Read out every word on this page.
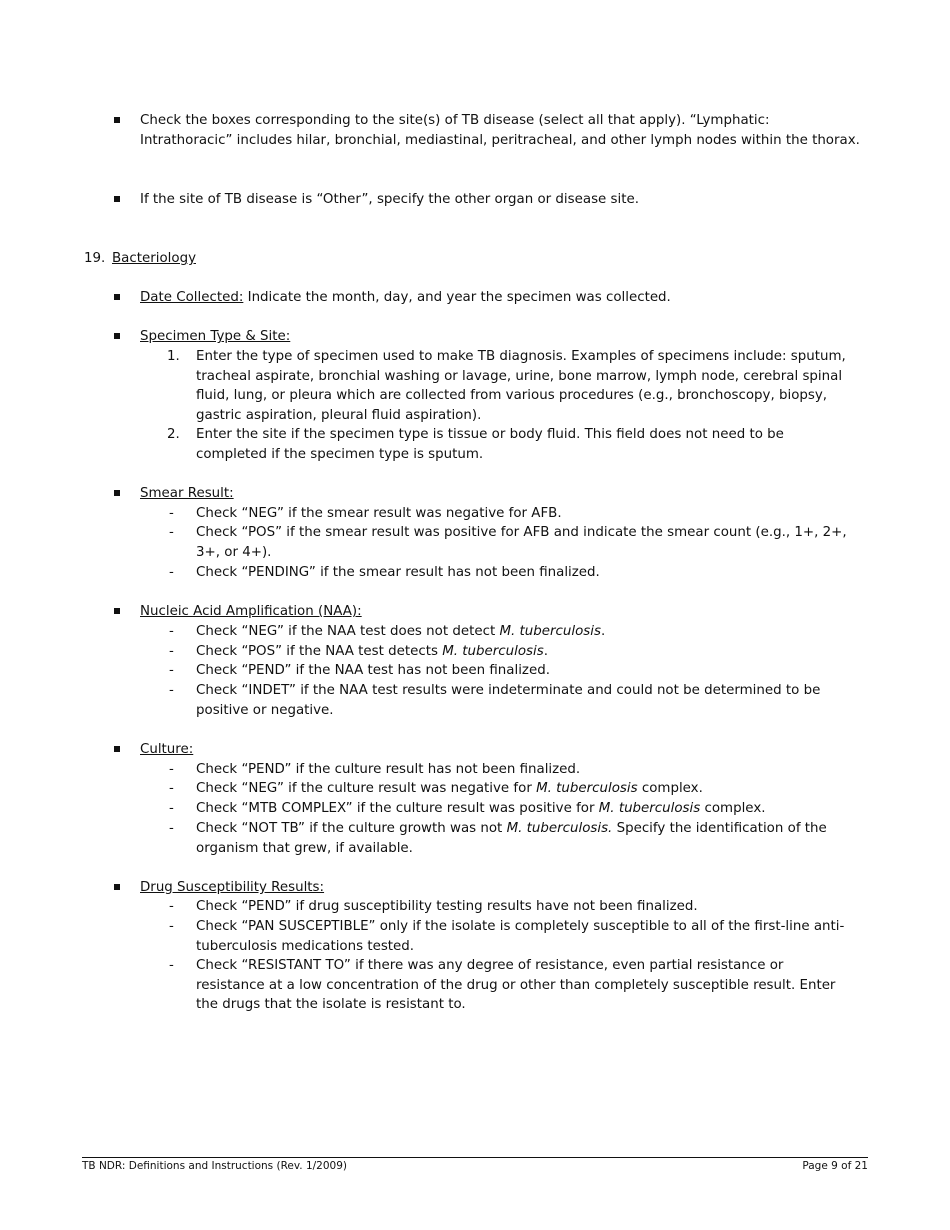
Check the boxes corresponding to the site(s) of TB disease (select all that apply). “Lymphatic: Intrathoracic” includes hilar, bronchial, mediastinal, peritracheal, and other lymph nodes within the thorax.

If the site of TB disease is “Other”, specify the other organ or disease site.

19. Bacteriology

Date Collected: Indicate the month, day, and year the specimen was collected.

Specimen Type & Site:

1. Enter the type of specimen used to make TB diagnosis. Examples of specimens include: sputum, tracheal aspirate, bronchial washing or lavage, urine, bone marrow, lymph node, cerebral spinal fluid, lung, or pleura which are collected from various procedures (e.g., bronchoscopy, biopsy, gastric aspiration, pleural fluid aspiration).

2. Enter the site if the specimen type is tissue or body fluid. This field does not need to be completed if the specimen type is sputum.

Smear Result:

- Check “NEG” if the smear result was negative for AFB.

- Check “POS” if the smear result was positive for AFB and indicate the smear count (e.g., 1+, 2+, 3+, or 4+).

- Check “PENDING” if the smear result has not been finalized.

Nucleic Acid Amplification (NAA):

- Check “NEG” if the NAA test does not detect M. tuberculosis.

- Check “POS” if the NAA test detects M. tuberculosis.

- Check “PEND” if the NAA test has not been finalized.

- Check “INDET” if the NAA test results were indeterminate and could not be determined to be positive or negative.

Culture:

- Check “PEND” if the culture result has not been finalized.

- Check “NEG” if the culture result was negative for M. tuberculosis complex.

- Check “MTB COMPLEX” if the culture result was positive for M. tuberculosis complex.

- Check “NOT TB” if the culture growth was not M. tuberculosis. Specify the identification of the organism that grew, if available.

Drug Susceptibility Results:

- Check “PEND” if drug susceptibility testing results have not been finalized.

- Check “PAN SUSCEPTIBLE” only if the isolate is completely susceptible to all of the first-line anti-tuberculosis medications tested.

- Check “RESISTANT TO” if there was any degree of resistance, even partial resistance or resistance at a low concentration of the drug or other than completely susceptible result. Enter the drugs that the isolate is resistant to.

TB NDR: Definitions and Instructions (Rev. 1/2009)	Page 9 of 21
